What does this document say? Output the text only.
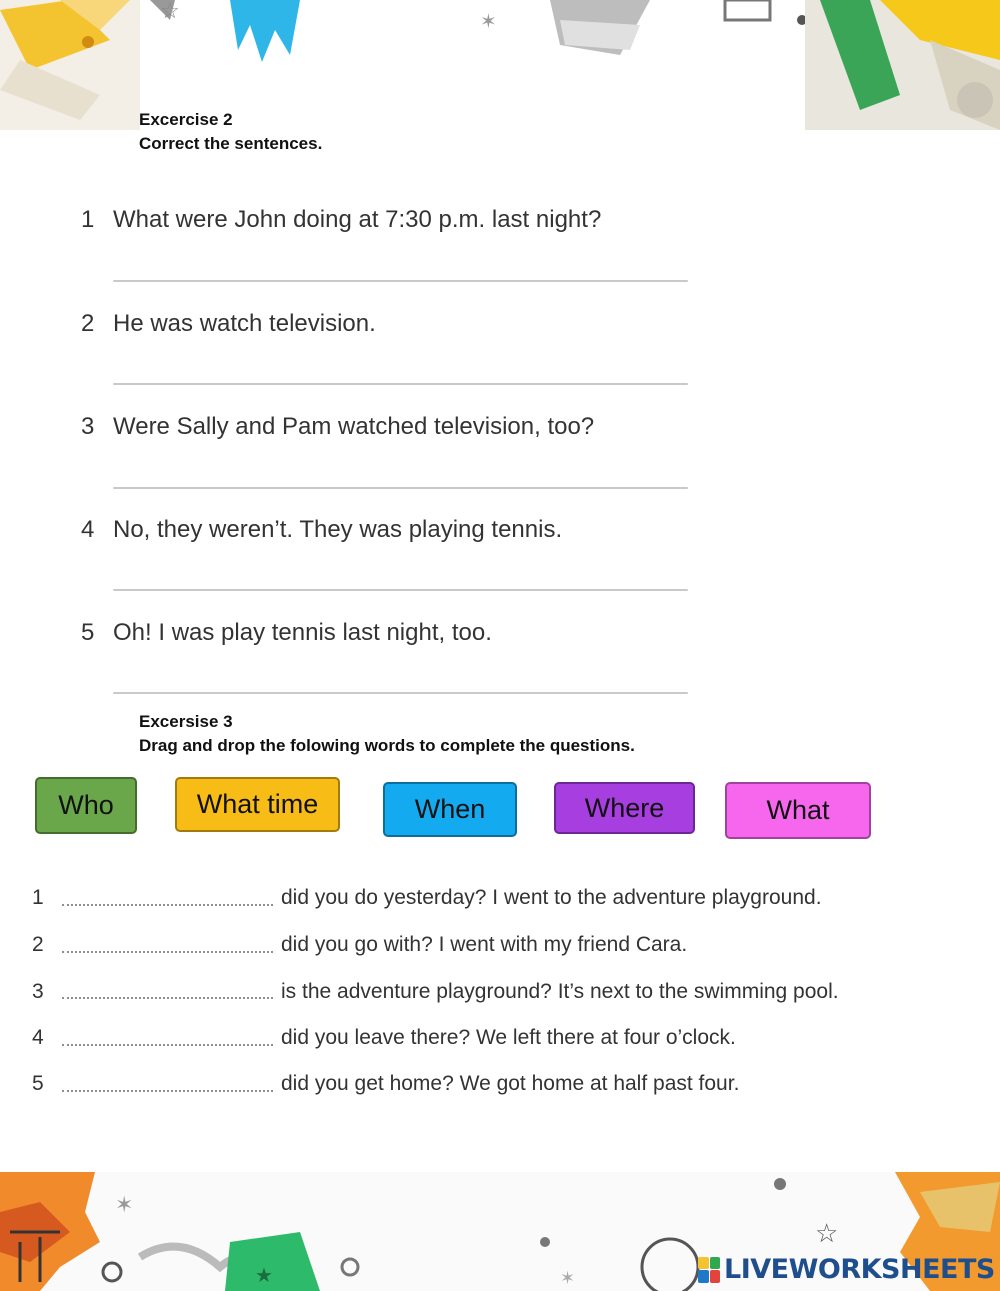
☆	✶
Excercise 2
Correct the sentences.
1 What were John doing at 7:30 p.m. last night?
2 He was watch television.
3 Were Sally and Pam watched television, too?
4 No, they weren’t. They was playing tennis.
5 Oh! I was play tennis last night, too.
Excersise 3
Drag and drop the folowing words to complete the questions.
Who	What time	When	Where	What
1	did you do yesterday? I went to the adventure playground.
2	did you go with? I went with my friend Cara.
3	is the adventure playground? It’s next to the swimming pool.
4	did you leave there? We left there at four o’clock.
5	did you get home? We got home at half past four.
✶
★	✶
☆
LIVEWORKSHEETS
